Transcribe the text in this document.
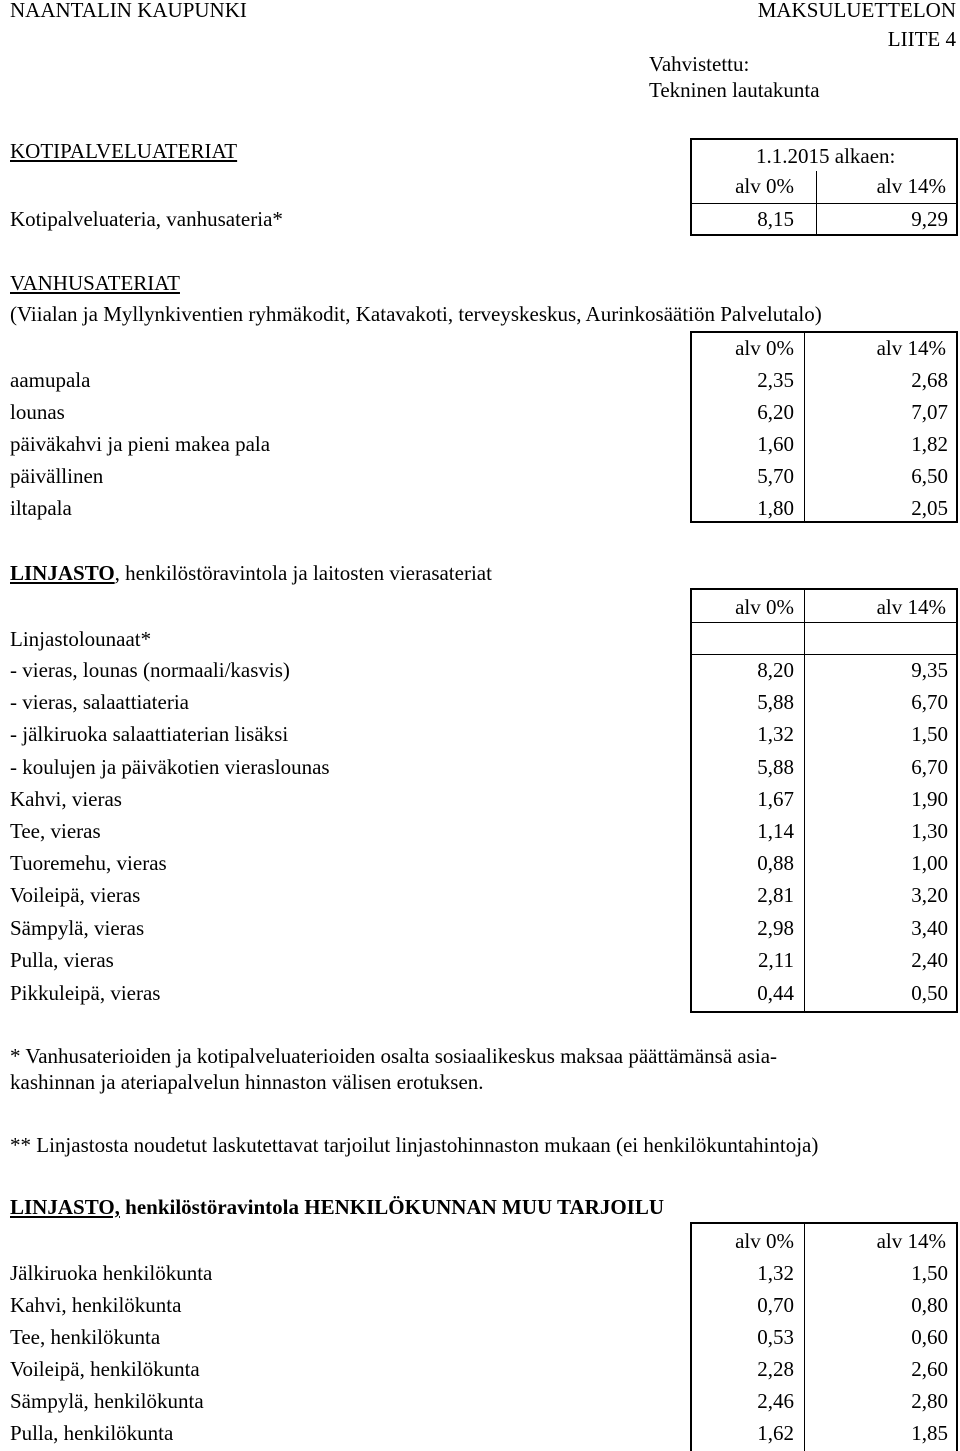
NAANTALIN KAUPUNKI	MAKSULUETTELON
LIITE 4
Vahvistettu:
Tekninen lautakunta
KOTIPALVELUATERIAT	1.1.2015 alkaen:
alv 0%	alv 14%
Kotipalveluateria, vanhusateria*	8,15	9,29
VANHUSATERIAT
(Viialan ja Myllynkiventien ryhmäkodit, Katavakoti, terveyskeskus, Aurinkosäätiön Palvelutalo)
alv 0%	alv 14%
aamupala	2,35	2,68
lounas	6,20	7,07
päiväkahvi ja pieni makea pala	1,60	1,82
päivällinen	5,70	6,50
iltapala	1,80	2,05
LINJASTO, henkilöstöravintola ja laitosten vierasateriat
alv 0%	alv 14%
Linjastolounaat*
- vieras, lounas (normaali/kasvis)	8,20	9,35
- vieras, salaattiateria	5,88	6,70
- jälkiruoka salaattiaterian lisäksi	1,32	1,50
- koulujen ja päiväkotien vieraslounas	5,88	6,70
Kahvi, vieras	1,67	1,90
Tee, vieras	1,14	1,30
Tuoremehu, vieras	0,88	1,00
Voileipä, vieras	2,81	3,20
Sämpylä, vieras	2,98	3,40
Pulla, vieras	2,11	2,40
Pikkuleipä, vieras	0,44	0,50
* Vanhusaterioiden ja kotipalveluaterioiden osalta sosiaalikeskus maksaa päättämänsä asia-
kashinnan ja ateriapalvelun hinnaston välisen erotuksen.
** Linjastosta noudetut laskutettavat tarjoilut linjastohinnaston mukaan (ei henkilökuntahintoja)
LINJASTO, henkilöstöravintola HENKILÖKUNNAN MUU TARJOILU
alv 0%	alv 14%
Jälkiruoka henkilökunta	1,32	1,50
Kahvi, henkilökunta	0,70	0,80
Tee, henkilökunta	0,53	0,60
Voileipä, henkilökunta	2,28	2,60
Sämpylä, henkilökunta	2,46	2,80
Pulla, henkilökunta	1,62	1,85
